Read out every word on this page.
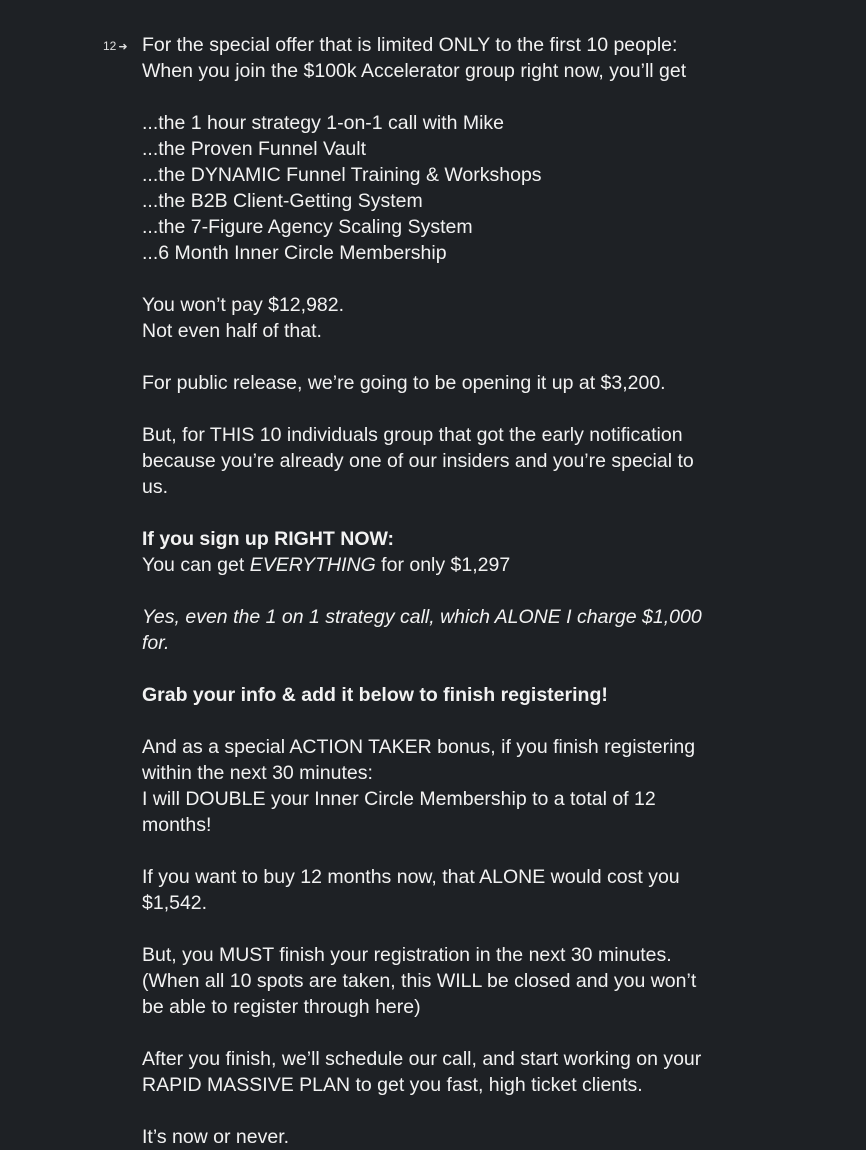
12 ➜ For the special offer that is limited ONLY to the first 10 people:
When you join the $100k Accelerator group right now, you’ll get
...the 1 hour strategy 1-on-1 call with Mike
...the Proven Funnel Vault
...the DYNAMIC Funnel Training & Workshops
...the B2B Client-Getting System
...the 7-Figure Agency Scaling System
...6 Month Inner Circle Membership
You won’t pay $12,982.
Not even half of that.
For public release, we’re going to be opening it up at $3,200.
But, for THIS 10 individuals group that got the early notification
because you’re already one of our insiders and you’re special to
us.
If you sign up RIGHT NOW:
You can get EVERYTHING for only $1,297
Yes, even the 1 on 1 strategy call, which ALONE I charge $1,000 for.
Grab your info & add it below to finish registering!
And as a special ACTION TAKER bonus, if you finish registering
within the next 30 minutes:
I will DOUBLE your Inner Circle Membership to a total of 12
months!
If you want to buy 12 months now, that ALONE would cost you
$1,542.
But, you MUST finish your registration in the next 30 minutes.
(When all 10 spots are taken, this WILL be closed and you won’t
be able to register through here)
After you finish, we’ll schedule our call, and start working on your
RAPID MASSIVE PLAN to get you fast, high ticket clients.
It’s now or never.
